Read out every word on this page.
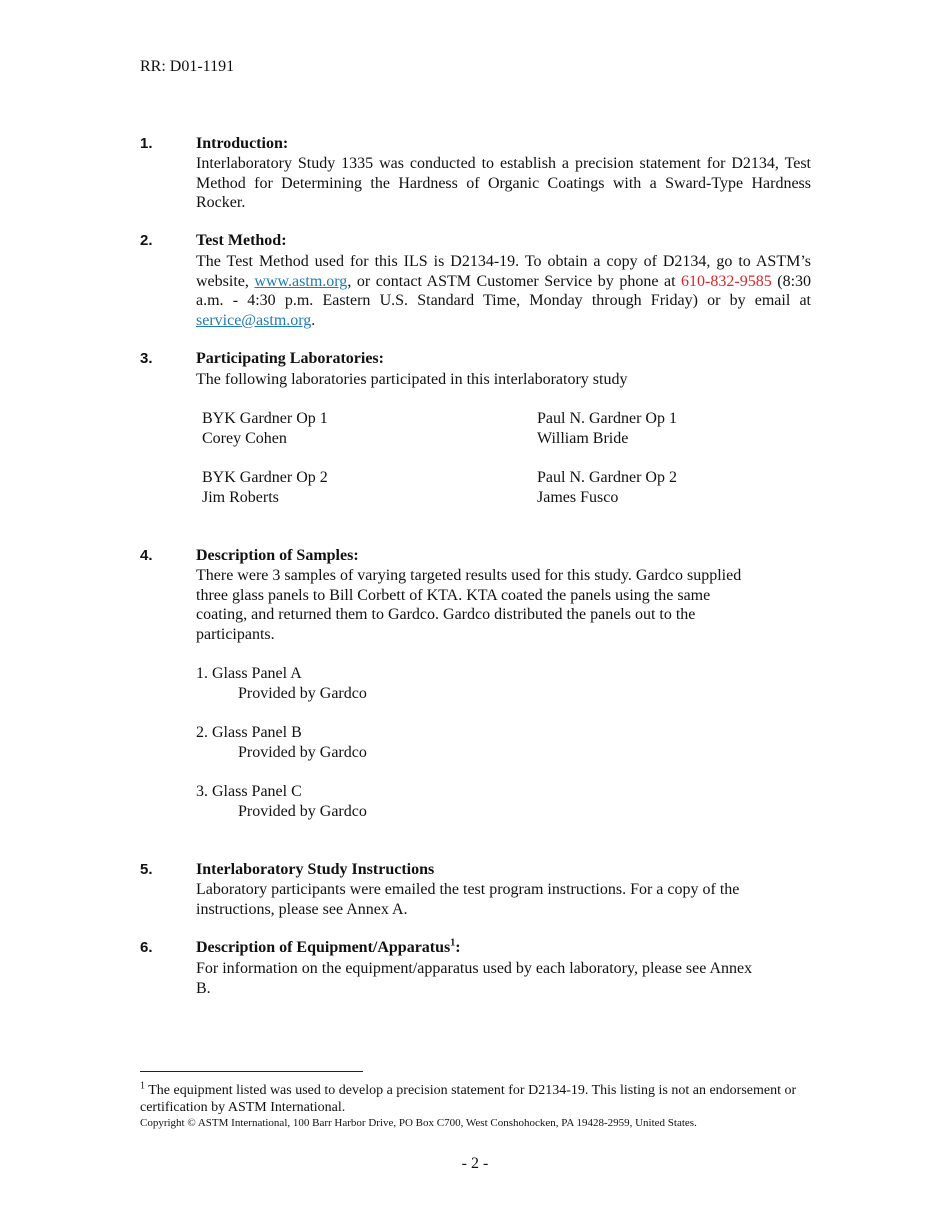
RR: D01-1191
1.	Introduction:
Interlaboratory Study 1335 was conducted to establish a precision statement for D2134, Test Method for Determining the Hardness of Organic Coatings with a Sward-Type Hardness Rocker.
2.	Test Method:
The Test Method used for this ILS is D2134-19. To obtain a copy of D2134, go to ASTM’s website, www.astm.org, or contact ASTM Customer Service by phone at 610-832-9585 (8:30 a.m. - 4:30 p.m. Eastern U.S. Standard Time, Monday through Friday) or by email at service@astm.org.
3.	Participating Laboratories:
The following laboratories participated in this interlaboratory study
BYK Gardner Op 1
Corey Cohen
Paul N. Gardner Op 1
William Bride
BYK Gardner Op 2
Jim Roberts
Paul N. Gardner Op 2
James Fusco
4.	Description of Samples:
There were 3 samples of varying targeted results used for this study. Gardco supplied
three glass panels to Bill Corbett of KTA. KTA coated the panels using the same
coating, and returned them to Gardco. Gardco distributed the panels out to the
participants.
1. Glass Panel A
Provided by Gardco
2. Glass Panel B
Provided by Gardco
3. Glass Panel C
Provided by Gardco
5.	Interlaboratory Study Instructions
Laboratory participants were emailed the test program instructions. For a copy of the
instructions, please see Annex A.
6.	Description of Equipment/Apparatus$^1$:
For information on the equipment/apparatus used by each laboratory, please see Annex
B.
$^1$ The equipment listed was used to develop a precision statement for D2134-19. This listing is not an endorsement or certification by ASTM International.
Copyright © ASTM International, 100 Barr Harbor Drive, PO Box C700, West Conshohocken, PA 19428-2959, United States.
- 2 -
